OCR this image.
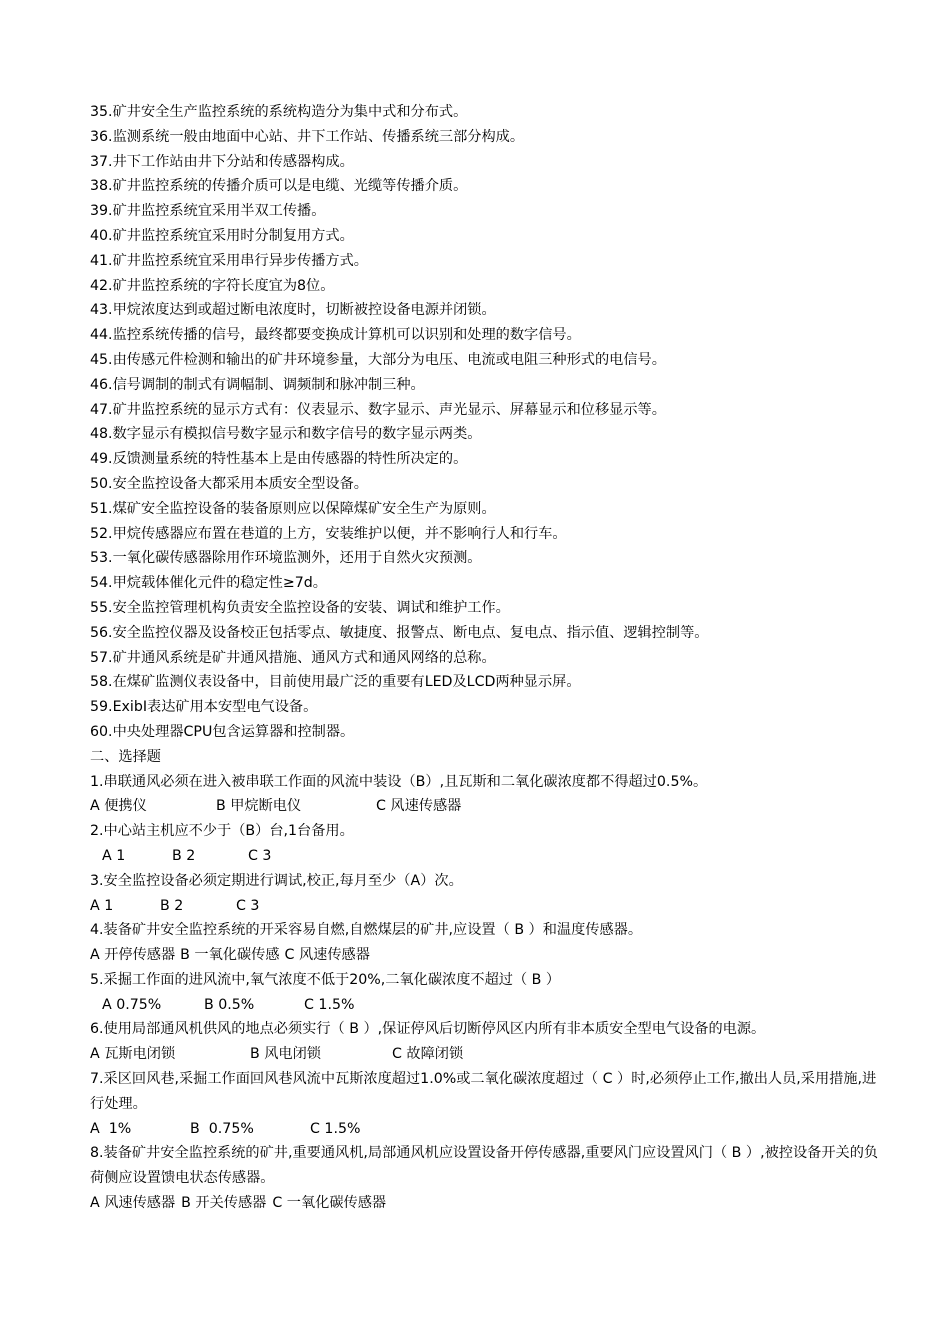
35.矿井安全生产监控系统的系统构造分为集中式和分布式。
36.监测系统一般由地面中心站、井下工作站、传播系统三部分构成。
37.井下工作站由井下分站和传感器构成。
38.矿井监控系统的传播介质可以是电缆、光缆等传播介质。
39.矿井监控系统宜采用半双工传播。
40.矿井监控系统宜采用时分制复用方式。
41.矿井监控系统宜采用串行异步传播方式。
42.矿井监控系统的字符长度宜为8位。
43.甲烷浓度达到或超过断电浓度时，切断被控设备电源并闭锁。
44.监控系统传播的信号，最终都要变换成计算机可以识别和处理的数字信号。
45.由传感元件检测和输出的矿井环境参量，大部分为电压、电流或电阻三种形式的电信号。
46.信号调制的制式有调幅制、调频制和脉冲制三种。
47.矿井监控系统的显示方式有：仪表显示、数字显示、声光显示、屏幕显示和位移显示等。
48.数字显示有模拟信号数字显示和数字信号的数字显示两类。
49.反馈测量系统的特性基本上是由传感器的特性所决定的。
50.安全监控设备大都采用本质安全型设备。
51.煤矿安全监控设备的装备原则应以保障煤矿安全生产为原则。
52.甲烷传感器应布置在巷道的上方，安装维护以便，并不影响行人和行车。
53.一氧化碳传感器除用作环境监测外，还用于自然火灾预测。
54.甲烷载体催化元件的稳定性≥7d。
55.安全监控管理机构负责安全监控设备的安装、调试和维护工作。
56.安全监控仪器及设备校正包括零点、敏捷度、报警点、断电点、复电点、指示值、逻辑控制等。
57.矿井通风系统是矿井通风措施、通风方式和通风网络的总称。
58.在煤矿监测仪表设备中，目前使用最广泛的重要有LED及LCD两种显示屏。
59.ExibⅠ表达矿用本安型电气设备。
60.中央处理器CPU包含运算器和控制器。
二、选择题
1.串联通风必须在进入被串联工作面的风流中装设（B）,且瓦斯和二氧化碳浓度都不得超过0.5%。
A 便携仪	B 甲烷断电仪	C 风速传感器
2.中心站主机应不少于（B）台,1台备用。
A 1	B 2	C 3
3.安全监控设备必须定期进行调试,校正,每月至少（A）次。
A 1	B 2	C 3
4.装备矿井安全监控系统的开采容易自燃,自燃煤层的矿井,应设置（ B ）和温度传感器。
A 开停传感器 B 一氧化碳传感 C 风速传感器
5.采掘工作面的进风流中,氧气浓度不低于20%,二氧化碳浓度不超过（ B ）
A 0.75%	B 0.5%	C 1.5%
6.使用局部通风机供风的地点必须实行（ B ）,保证停风后切断停风区内所有非本质安全型电气设备的电源。
A 瓦斯电闭锁	B 风电闭锁	C 故障闭锁
7.采区回风巷,采掘工作面回风巷风流中瓦斯浓度超过1.0%或二氧化碳浓度超过（ C ）时,必须停止工作,撤出人员,采用措施,进行处理。
A  1%	B  0.75%	C 1.5%
8.装备矿井安全监控系统的矿井,重要通风机,局部通风机应设置设备开停传感器,重要风门应设置风门（ B ）,被控设备开关的负荷侧应设置馈电状态传感器。
A 风速传感器 B 开关传感器 C 一氧化碳传感器
